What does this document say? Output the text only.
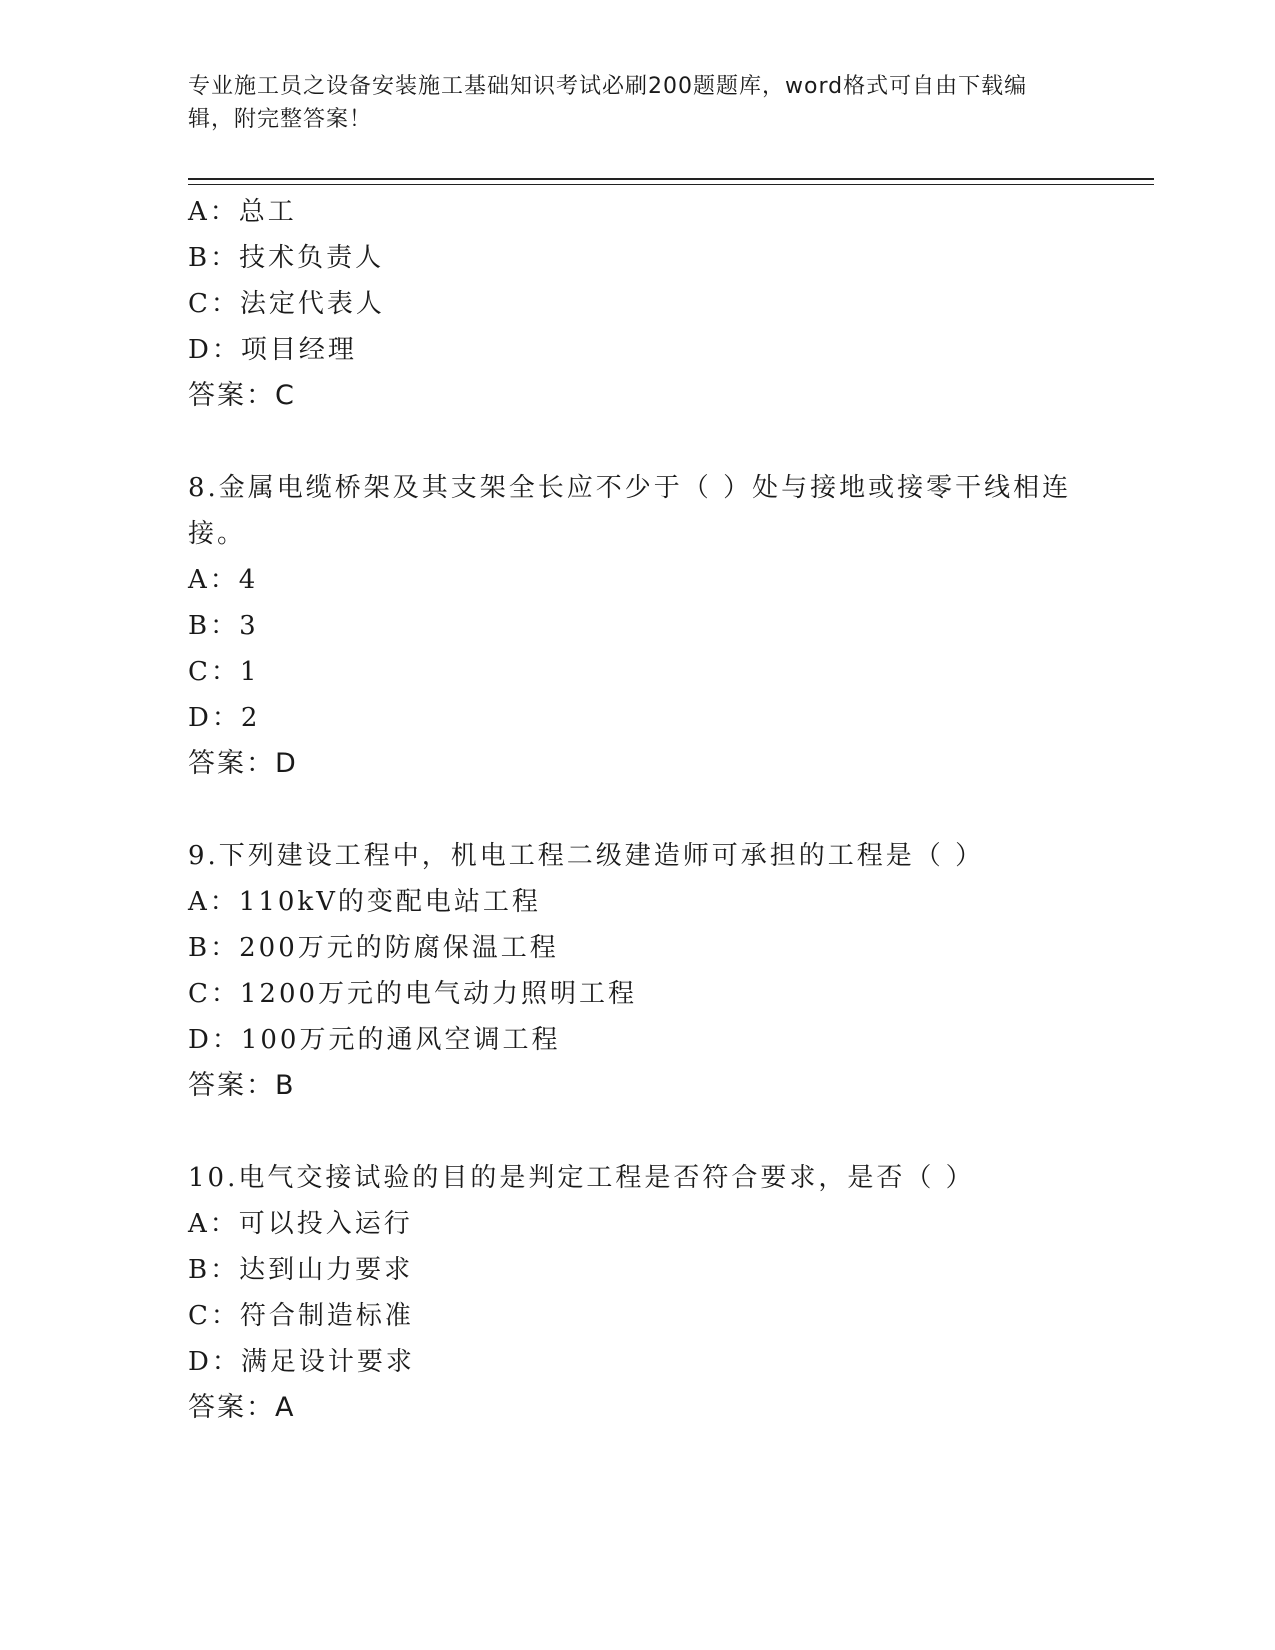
专业施工员之设备安装施工基础知识考试必刷200题题库，word格式可自由下载编辑，附完整答案！
A：总工
B：技术负责人
C：法定代表人
D：项目经理
答案：C
8.金属电缆桥架及其支架全长应不少于（ ）处与接地或接零干线相连接。
A：4
B：3
C：1
D：2
答案：D
9.下列建设工程中，机电工程二级建造师可承担的工程是（ ）
A：110kV的变配电站工程
B：200万元的防腐保温工程
C：1200万元的电气动力照明工程
D：100万元的通风空调工程
答案：B
10.电气交接试验的目的是判定工程是否符合要求，是否（ ）
A：可以投入运行
B：达到山力要求
C：符合制造标准
D：满足设计要求
答案：A
